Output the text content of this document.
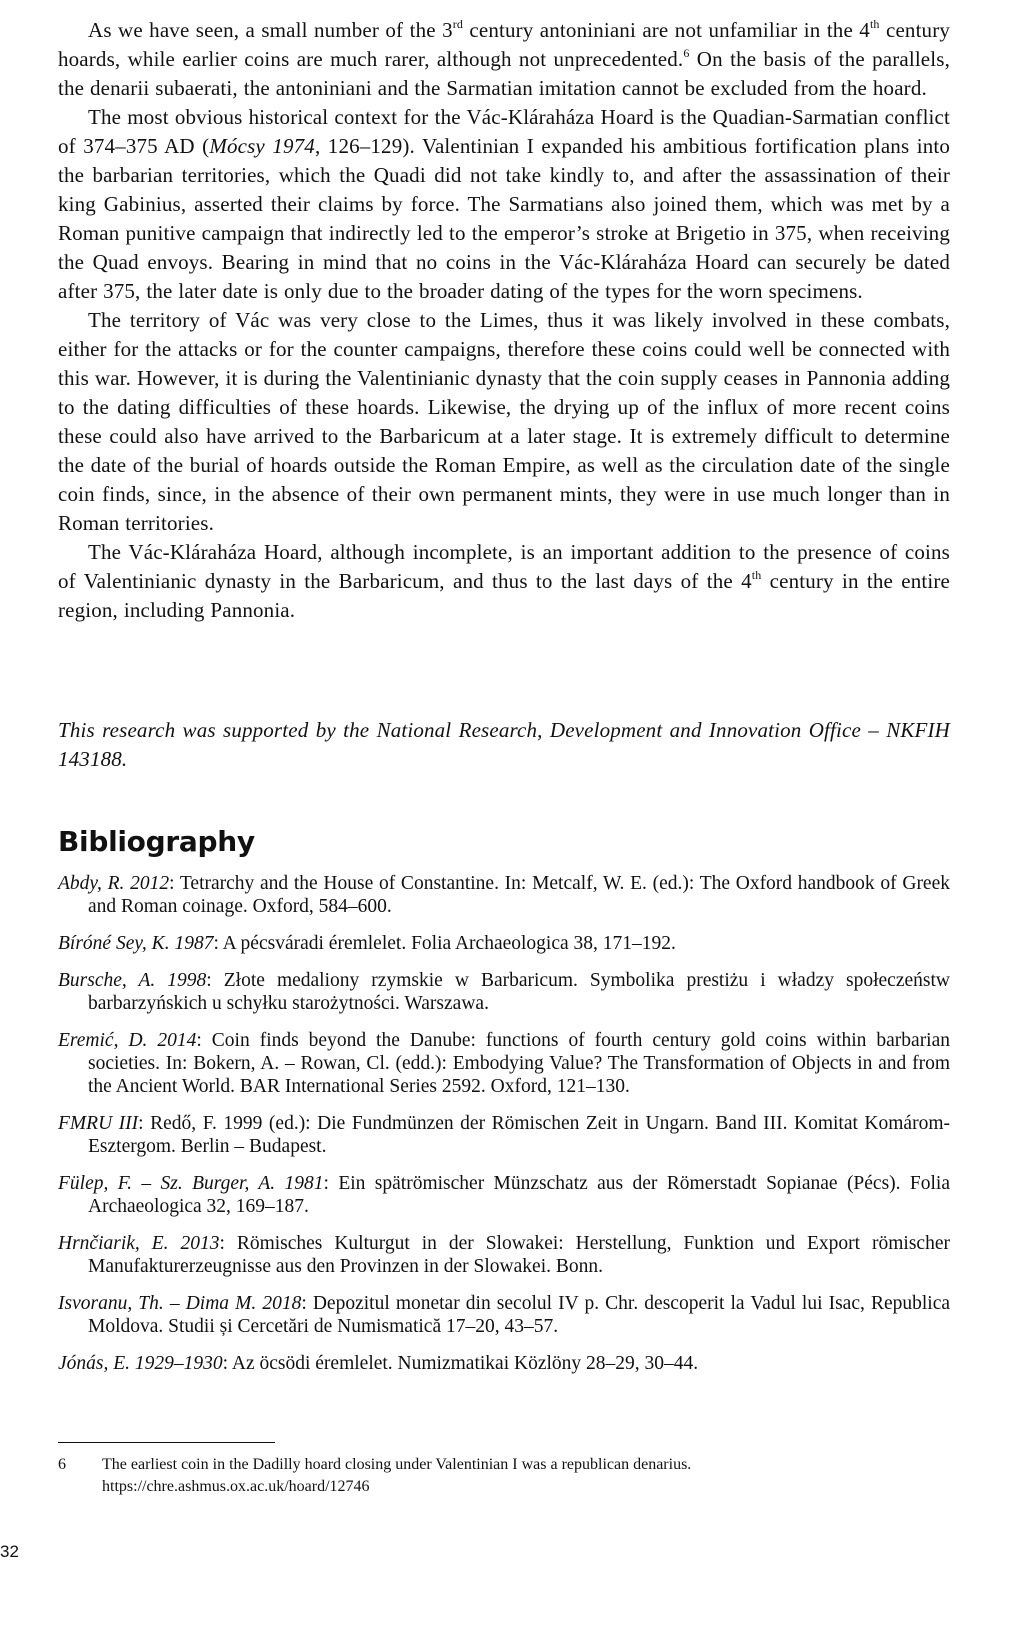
As we have seen, a small number of the 3rd century antoniniani are not unfamiliar in the 4th century hoards, while earlier coins are much rarer, although not unprecedented.$^6$ On the basis of the parallels, the denarii subaerati, the antoniniani and the Sarmatian imitation cannot be excluded from the hoard.

The most obvious historical context for the Vác-Kláraháza Hoard is the Quadian-Sarmatian conflict of 374–375 AD (Mócsy 1974, 126–129). Valentinian I expanded his ambitious fortification plans into the barbarian territories, which the Quadi did not take kindly to, and after the assassination of their king Gabinius, asserted their claims by force. The Sarmatians also joined them, which was met by a Roman punitive campaign that indirectly led to the emperor’s stroke at Brigetio in 375, when receiving the Quad envoys. Bearing in mind that no coins in the Vác-Kláraháza Hoard can securely be dated after 375, the later date is only due to the broader dating of the types for the worn specimens.

The territory of Vác was very close to the Limes, thus it was likely involved in these combats, either for the attacks or for the counter campaigns, therefore these coins could well be connected with this war. However, it is during the Valentinianic dynasty that the coin supply ceases in Pannonia adding to the dating difficulties of these hoards. Likewise, the drying up of the influx of more recent coins these could also have arrived to the Barbaricum at a later stage. It is extremely difficult to determine the date of the burial of hoards outside the Roman Empire, as well as the circulation date of the single coin finds, since, in the absence of their own permanent mints, they were in use much longer than in Roman territories.

The Vác-Kláraháza Hoard, although incomplete, is an important addition to the presence of coins of Valentinianic dynasty in the Barbaricum, and thus to the last days of the 4th century in the entire region, including Pannonia.

This research was supported by the National Research, Development and Innovation Office – NKFIH 143188.

Bibliography
Abdy, R. 2012: Tetrarchy and the House of Constantine. In: Metcalf, W. E. (ed.): The Oxford handbook of Greek and Roman coinage. Oxford, 584–600.
Bíróné Sey, K. 1987: A pécsváradi éremlelet. Folia Archaeologica 38, 171–192.
Bursche, A. 1998: Złote medaliony rzymskie w Barbaricum. Symbolika prestiżu i władzy społeczeństw barbarzyńskich u schyłku starożytności. Warszawa.
Eremić, D. 2014: Coin finds beyond the Danube: functions of fourth century gold coins within barbarian societies. In: Bokern, A. – Rowan, Cl. (edd.): Embodying Value? The Transformation of Objects in and from the Ancient World. BAR International Series 2592. Oxford, 121–130.
FMRU III: Redő, F. 1999 (ed.): Die Fundmünzen der Römischen Zeit in Ungarn. Band III. Komitat Komárom-Esztergom. Berlin – Budapest.
Fülep, F. – Sz. Burger, A. 1981: Ein spätrömischer Münzschatz aus der Römerstadt Sopianae (Pécs). Folia Archaeologica 32, 169–187.
Hrnčiarik, E. 2013: Römisches Kulturgut in der Slowakei: Herstellung, Funktion und Export römischer Manufakturerzeugnisse aus den Provinzen in der Slowakei. Bonn.
Isvoranu, Th. – Dima M. 2018: Depozitul monetar din secolul IV p. Chr. descoperit la Vadul lui Isac, Republica Moldova. Studii și Cercetări de Numismatică 17–20, 43–57.
Jónás, E. 1929–1930: Az öcsödi éremlelet. Numizmatikai Közlöny 28–29, 30–44.
6	The earliest coin in the Dadilly hoard closing under Valentinian I was a republican denarius.
https://chre.ashmus.ox.ac.uk/hoard/12746
32
